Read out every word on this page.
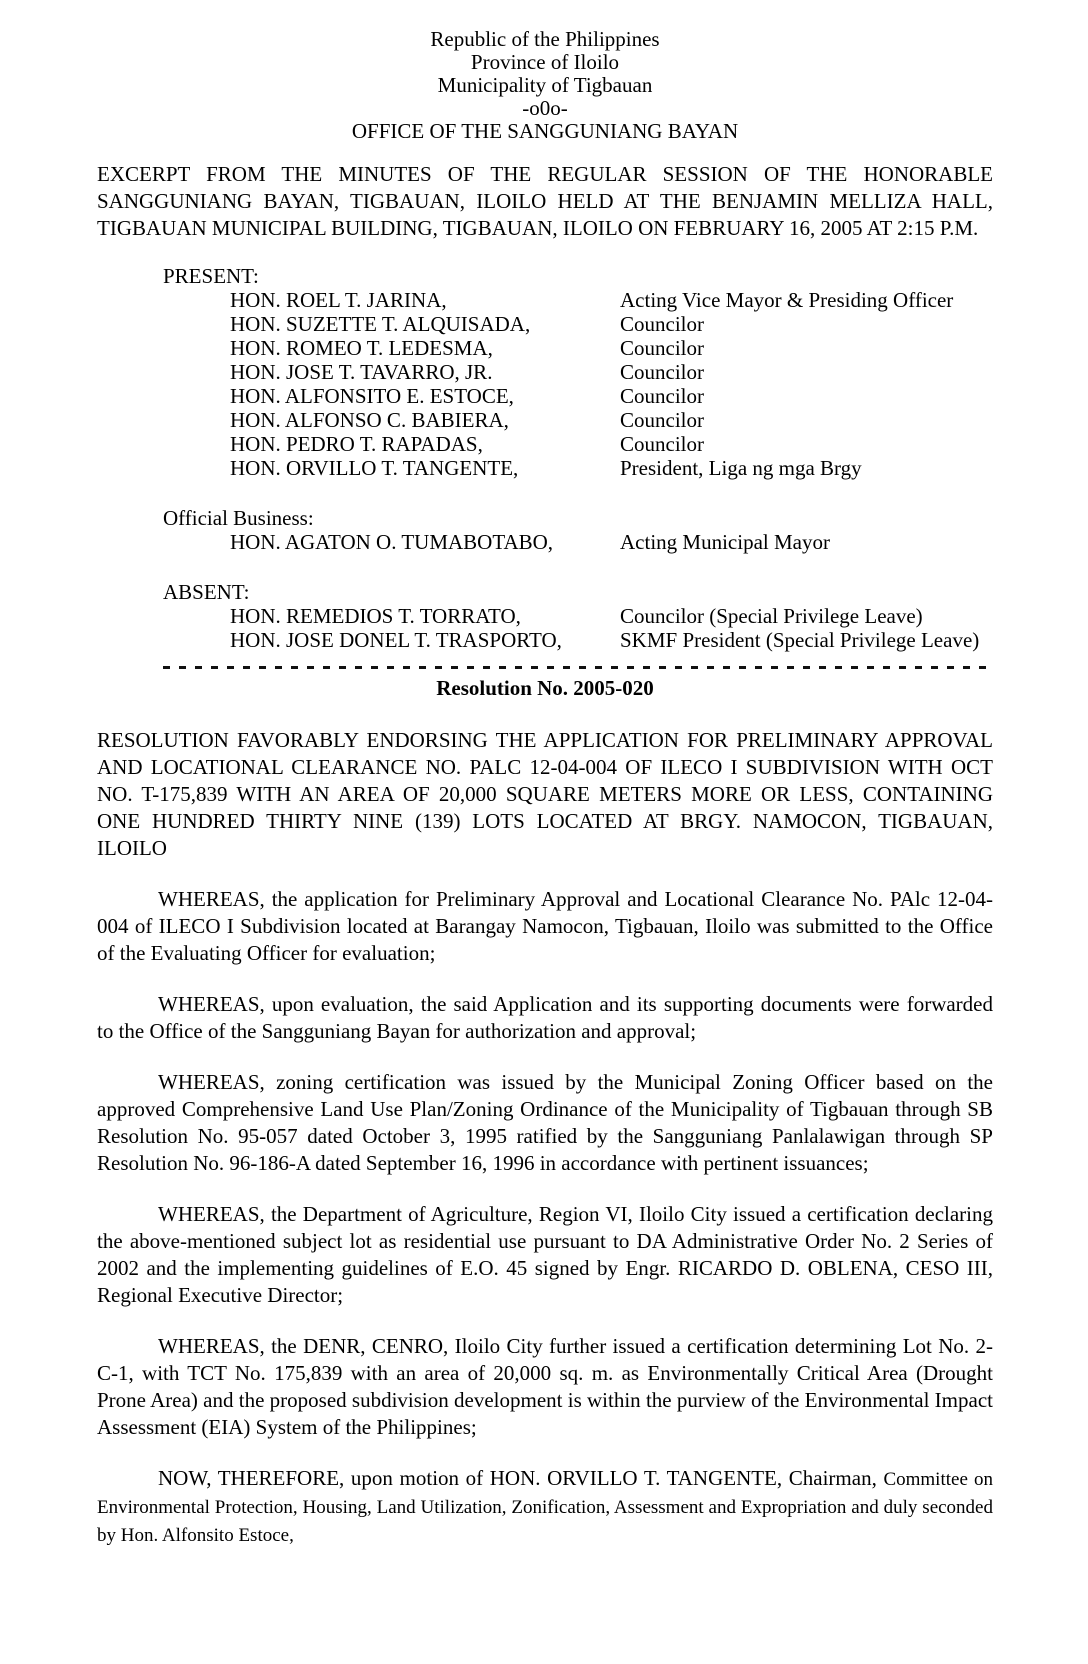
Republic of the Philippines
Province of Iloilo
Municipality of Tigbauan
-o0o-
OFFICE OF THE SANGGUNIANG BAYAN

EXCERPT FROM THE MINUTES OF THE REGULAR SESSION OF THE HONORABLE SANGGUNIANG BAYAN, TIGBAUAN, ILOILO HELD AT THE BENJAMIN MELLIZA HALL, TIGBAUAN MUNICIPAL BUILDING, TIGBAUAN, ILOILO ON FEBRUARY 16, 2005 AT 2:15 P.M.

PRESENT:
HON. ROEL T. JARINA,	Acting Vice Mayor & Presiding Officer
HON. SUZETTE T. ALQUISADA,	Councilor
HON. ROMEO T. LEDESMA,	Councilor
HON. JOSE T. TAVARRO, JR.	Councilor
HON. ALFONSITO E. ESTOCE,	Councilor
HON. ALFONSO C. BABIERA,	Councilor
HON. PEDRO T. RAPADAS,	Councilor
HON. ORVILLO T. TANGENTE,	President, Liga ng mga Brgy
Official Business:
HON. AGATON O. TUMABOTABO,	Acting Municipal Mayor
ABSENT:
HON. REMEDIOS T. TORRATO,	Councilor (Special Privilege Leave)
HON. JOSE DONEL T. TRASPORTO,	SKMF President (Special Privilege Leave)
Resolution No. 2005-020

RESOLUTION FAVORABLY ENDORSING THE APPLICATION FOR PRELIMINARY APPROVAL AND LOCATIONAL CLEARANCE NO. PALC 12-04-004 OF ILECO I SUBDIVISION WITH OCT NO. T-175,839 WITH AN AREA OF 20,000 SQUARE METERS MORE OR LESS, CONTAINING ONE HUNDRED THIRTY NINE (139) LOTS LOCATED AT BRGY. NAMOCON, TIGBAUAN, ILOILO

WHEREAS, the application for Preliminary Approval and Locational Clearance No. PAlc 12-04-004 of ILECO I Subdivision located at Barangay Namocon, Tigbauan, Iloilo was submitted to the Office of the Evaluating Officer for evaluation;

WHEREAS, upon evaluation, the said Application and its supporting documents were forwarded to the Office of the Sangguniang Bayan for authorization and approval;

WHEREAS, zoning certification was issued by the Municipal Zoning Officer based on the approved Comprehensive Land Use Plan/Zoning Ordinance of the Municipality of Tigbauan through SB Resolution No. 95-057 dated October 3, 1995 ratified by the Sangguniang Panlalawigan through SP Resolution No. 96-186-A dated September 16, 1996 in accordance with pertinent issuances;

WHEREAS, the Department of Agriculture, Region VI, Iloilo City issued a certification declaring the above-mentioned subject lot as residential use pursuant to DA Administrative Order No. 2 Series of 2002 and the implementing guidelines of E.O. 45 signed by Engr. RICARDO D. OBLENA, CESO III, Regional Executive Director;

WHEREAS, the DENR, CENRO, Iloilo City further issued a certification determining Lot No. 2-C-1, with TCT No. 175,839 with an area of 20,000 sq. m. as Environmentally Critical Area (Drought Prone Area) and the proposed subdivision development is within the purview of the Environmental Impact Assessment (EIA) System of the Philippines;

NOW, THEREFORE, upon motion of HON. ORVILLO T. TANGENTE, Chairman, Committee on Environmental Protection, Housing, Land Utilization, Zonification, Assessment and Expropriation and duly seconded by Hon. Alfonsito Estoce,
